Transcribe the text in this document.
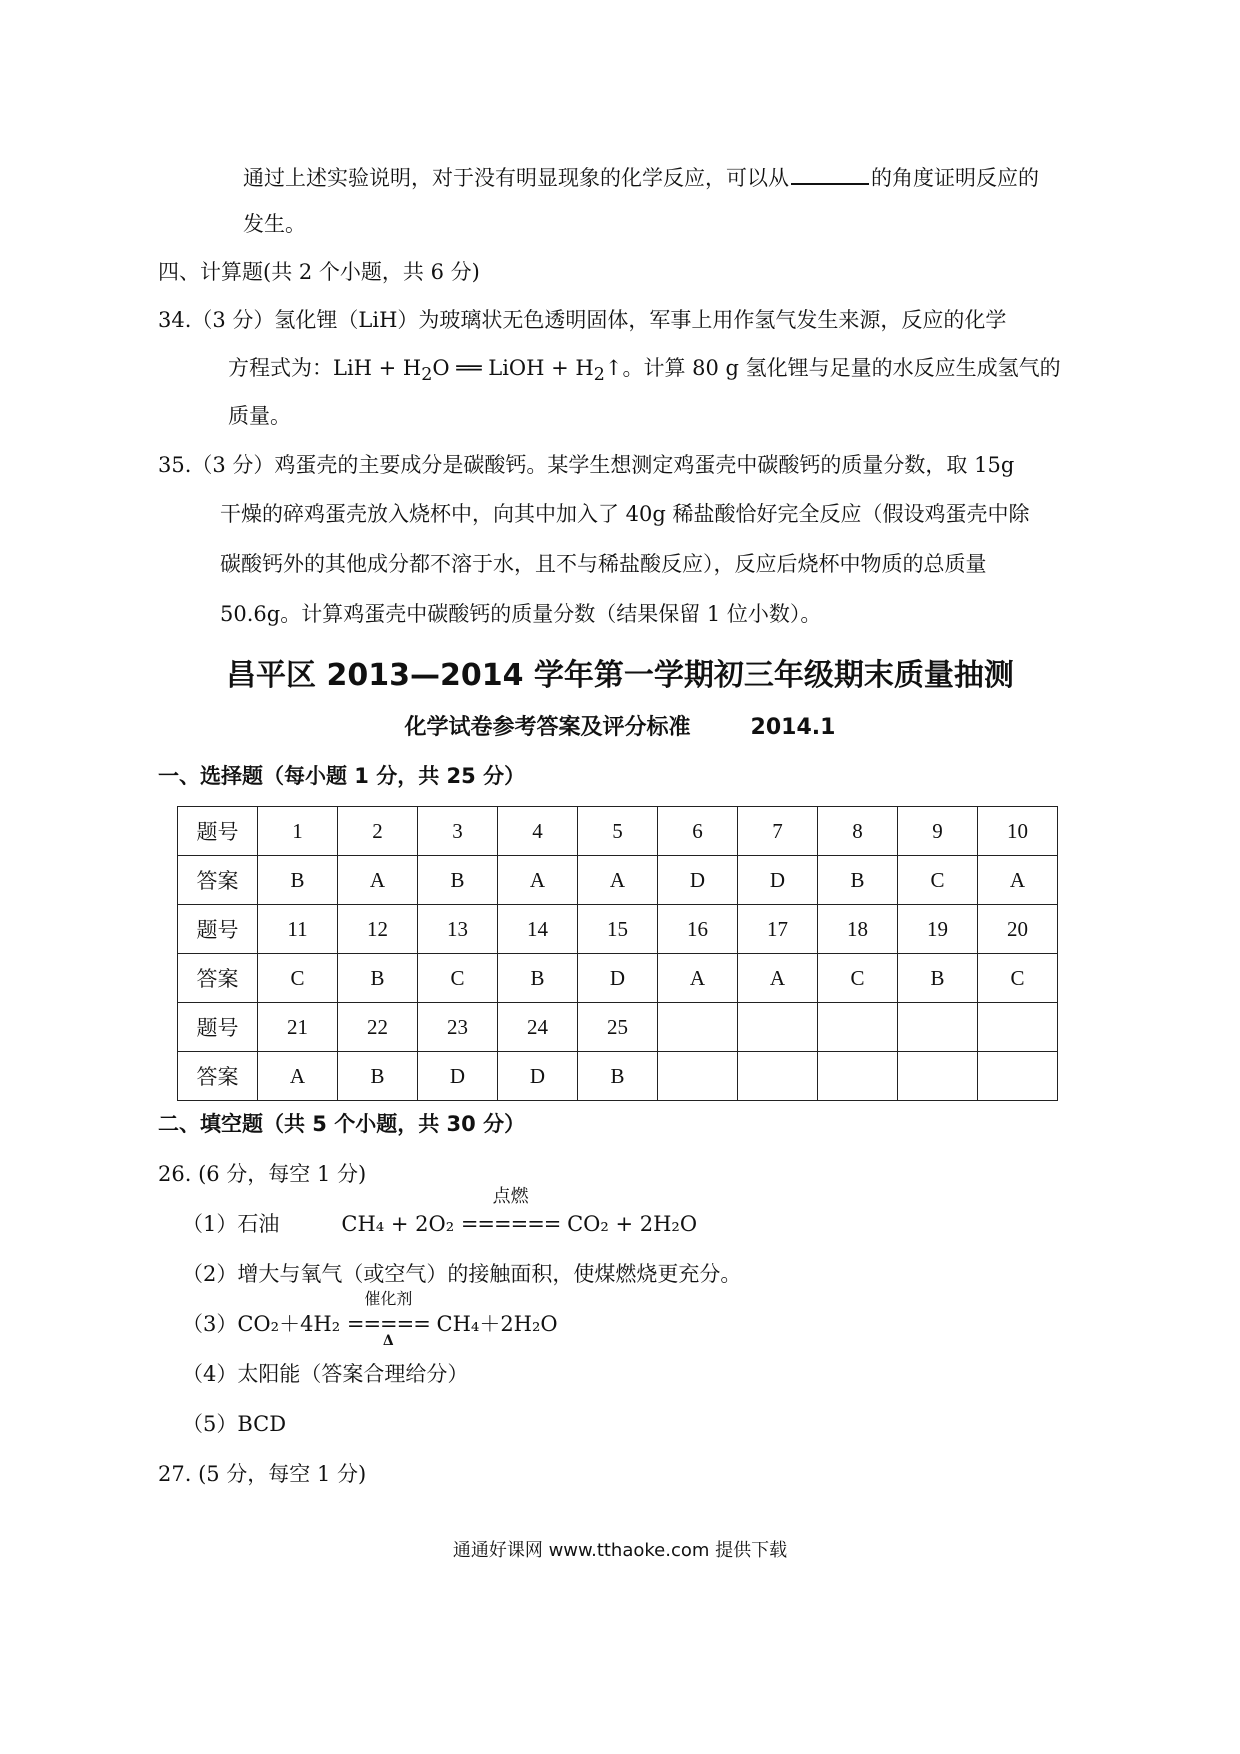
通过上述实验说明，对于没有明显现象的化学反应，可以从	的角度证明反应的
发生。
四、计算题(共 2 个小题，共 6 分)
34.（3 分）氢化锂（LiH）为玻璃状无色透明固体，军事上用作氢气发生来源，反应的化学
方程式为：LiH + $H_2O$ ══ LiOH + $H_2↑$。计算 80 g 氢化锂与足量的水反应生成氢气的
质量。
35.（3 分）鸡蛋壳的主要成分是碳酸钙。某学生想测定鸡蛋壳中碳酸钙的质量分数，取 15g
干燥的碎鸡蛋壳放入烧杯中，向其中加入了 40g 稀盐酸恰好完全反应（假设鸡蛋壳中除
碳酸钙外的其他成分都不溶于水，且不与稀盐酸反应），反应后烧杯中物质的总质量
50.6g。计算鸡蛋壳中碳酸钙的质量分数（结果保留 1 位小数）。
昌平区 2013—2014 学年第一学期初三年级期末质量抽测
化学试卷参考答案及评分标准	2014.1
一、选择题（每小题 1 分，共 25 分）
题号	1	2	3	4	5	6	7	8	9	10
答案	B	A	B	A	A	D	D	B	C	A
题号	11	12	13	14	15	16	17	18	19	20
答案	C	B	C	B	D	A	A	C	B	C
题号	21	22	23	24	25					
答案	A	B	D	D	B					
二、填空题（共 5 个小题，共 30 分）
26. (6 分，每空 1 分)
（1）石油	CH₄ + 2O₂
点燃
====== CO₂ + 2H₂O
（2）增大与氧气（或空气）的接触面积，使煤燃烧更充分。
（3）CO₂＋4H₂
催化剂
=====
Δ
CH₄＋2H₂O
（4）太阳能（答案合理给分）
（5）BCD
27. (5 分，每空 1 分)
通通好课网 www.tthaoke.com 提供下载
